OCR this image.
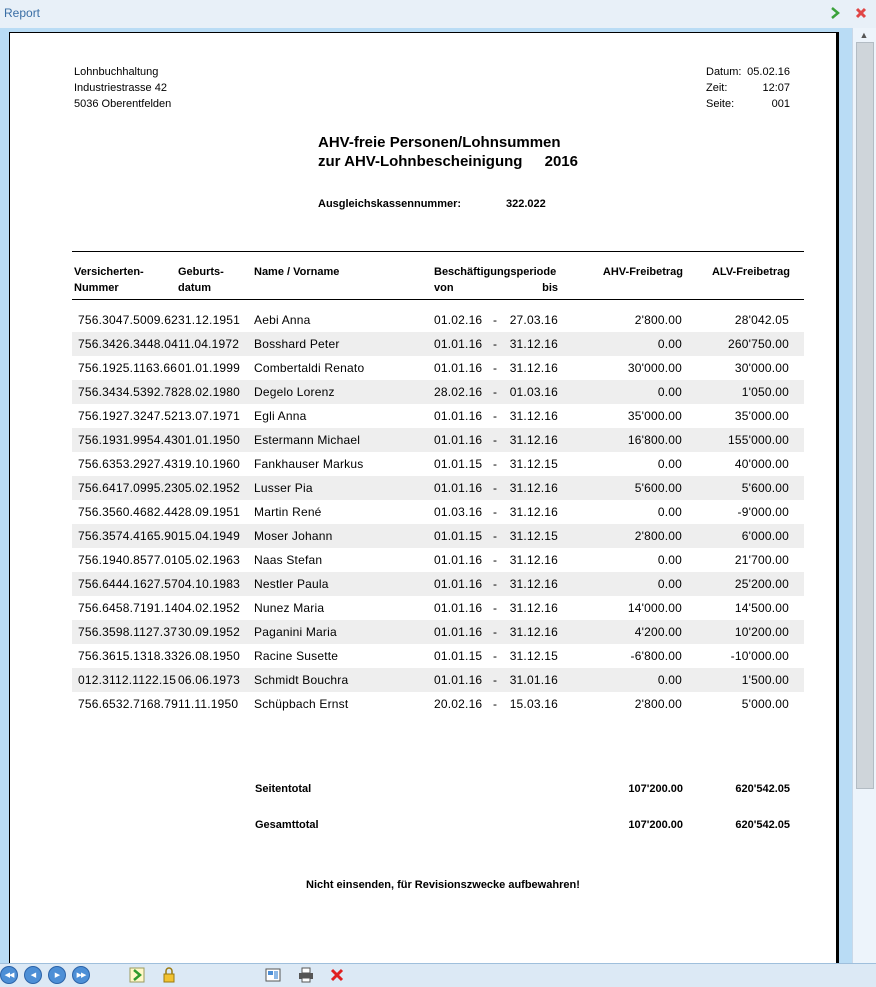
Report
Lohnbuchhaltung
Industriestrasse 42
5036 Oberentfelden
Datum: 05.02.16
Zeit:	12:07
Seite:	001
AHV-freie Personen/Lohnsummen
zur AHV-Lohnbescheinigung 2016
Ausgleichskassennummer:	322.022
Versicherten-
Nummer
Geburts-
datum
Name / Vorname	Beschäftigungsperiode
von	bis
AHV-Freibetrag	ALV-Freibetrag
756.3047.5009.62 31.12.1951 Aebi Anna	01.02.16 -	27.03.16	2'800.00	28'042.05
756.3426.3448.04 11.04.1972 Bosshard Peter	01.01.16 -	31.12.16	0.00	260'750.00
756.1925.1163.66 01.01.1999 Combertaldi Renato	01.01.16 -	31.12.16	30'000.00	30'000.00
756.3434.5392.78 28.02.1980 Degelo Lorenz	28.02.16 -	01.03.16	0.00	1'050.00
756.1927.3247.52 13.07.1971 Egli Anna	01.01.16 -	31.12.16	35'000.00	35'000.00
756.1931.9954.43 01.01.1950 Estermann Michael	01.01.16 -	31.12.16	16'800.00	155'000.00
756.6353.2927.43 19.10.1960 Fankhauser Markus	01.01.15 -	31.12.15	0.00	40'000.00
756.6417.0995.23 05.02.1952 Lusser Pia	01.01.16 -	31.12.16	5'600.00	5'600.00
756.3560.4682.44 28.09.1951 Martin René	01.03.16 -	31.12.16	0.00	-9'000.00
756.3574.4165.90 15.04.1949 Moser Johann	01.01.15 -	31.12.15	2'800.00	6'000.00
756.1940.8577.01 05.02.1963 Naas Stefan	01.01.16 -	31.12.16	0.00	21'700.00
756.6444.1627.57 04.10.1983 Nestler Paula	01.01.16 -	31.12.16	0.00	25'200.00
756.6458.7191.14 04.02.1952 Nunez Maria	01.01.16 -	31.12.16	14'000.00	14'500.00
756.3598.1127.37 30.09.1952 Paganini Maria	01.01.16 -	31.12.16	4'200.00	10'200.00
756.3615.1318.33 26.08.1950 Racine Susette	01.01.15 -	31.12.15	-6'800.00	-10'000.00
012.3112.1122.15 06.06.1973 Schmidt Bouchra	01.01.16 -	31.01.16	0.00	1'500.00
756.6532.7168.79 11.11.1950 Schüpbach Ernst	20.02.16 -	15.03.16	2'800.00	5'000.00
Seitentotal	107'200.00	620'542.05
Gesamttotal	107'200.00	620'542.05
Nicht einsenden, für Revisionszwecke aufbewahren!
▲
◀◀	◀	▶	▶▶
